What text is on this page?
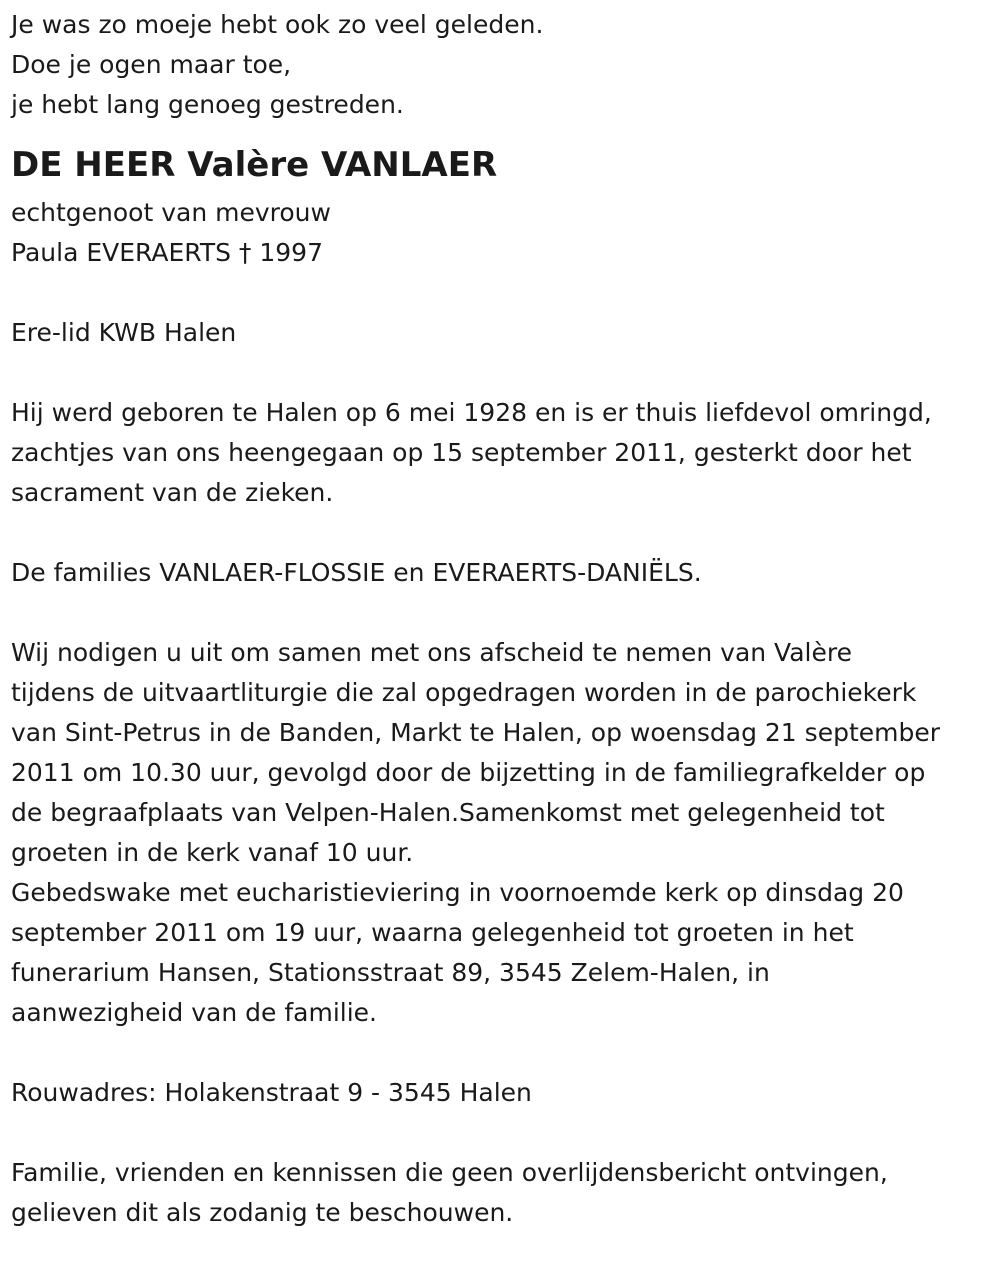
Je was zo moeje hebt ook zo veel geleden.
Doe je ogen maar toe,
je hebt lang genoeg gestreden.
DE HEER Valère VANLAER
echtgenoot van mevrouw
Paula EVERAERTS † 1997
Ere-lid KWB Halen
Hij werd geboren te Halen op 6 mei 1928 en is er thuis liefdevol omringd,
zachtjes van ons heengegaan op 15 september 2011, gesterkt door het
sacrament van de zieken.
De families VANLAER-FLOSSIE en EVERAERTS-DANIËLS.
Wij nodigen u uit om samen met ons afscheid te nemen van Valère
tijdens de uitvaartliturgie die zal opgedragen worden in de parochiekerk
van Sint-Petrus in de Banden, Markt te Halen, op woensdag 21 september
2011 om 10.30 uur, gevolgd door de bijzetting in de familiegrafkelder op
de begraafplaats van Velpen-Halen.Samenkomst met gelegenheid tot
groeten in de kerk vanaf 10 uur.
Gebedswake met eucharistieviering in voornoemde kerk op dinsdag 20
september 2011 om 19 uur, waarna gelegenheid tot groeten in het
funerarium Hansen, Stationsstraat 89, 3545 Zelem-Halen, in
aanwezigheid van de familie.
Rouwadres: Holakenstraat 9 - 3545 Halen
Familie, vrienden en kennissen die geen overlijdensbericht ontvingen,
gelieven dit als zodanig te beschouwen.
